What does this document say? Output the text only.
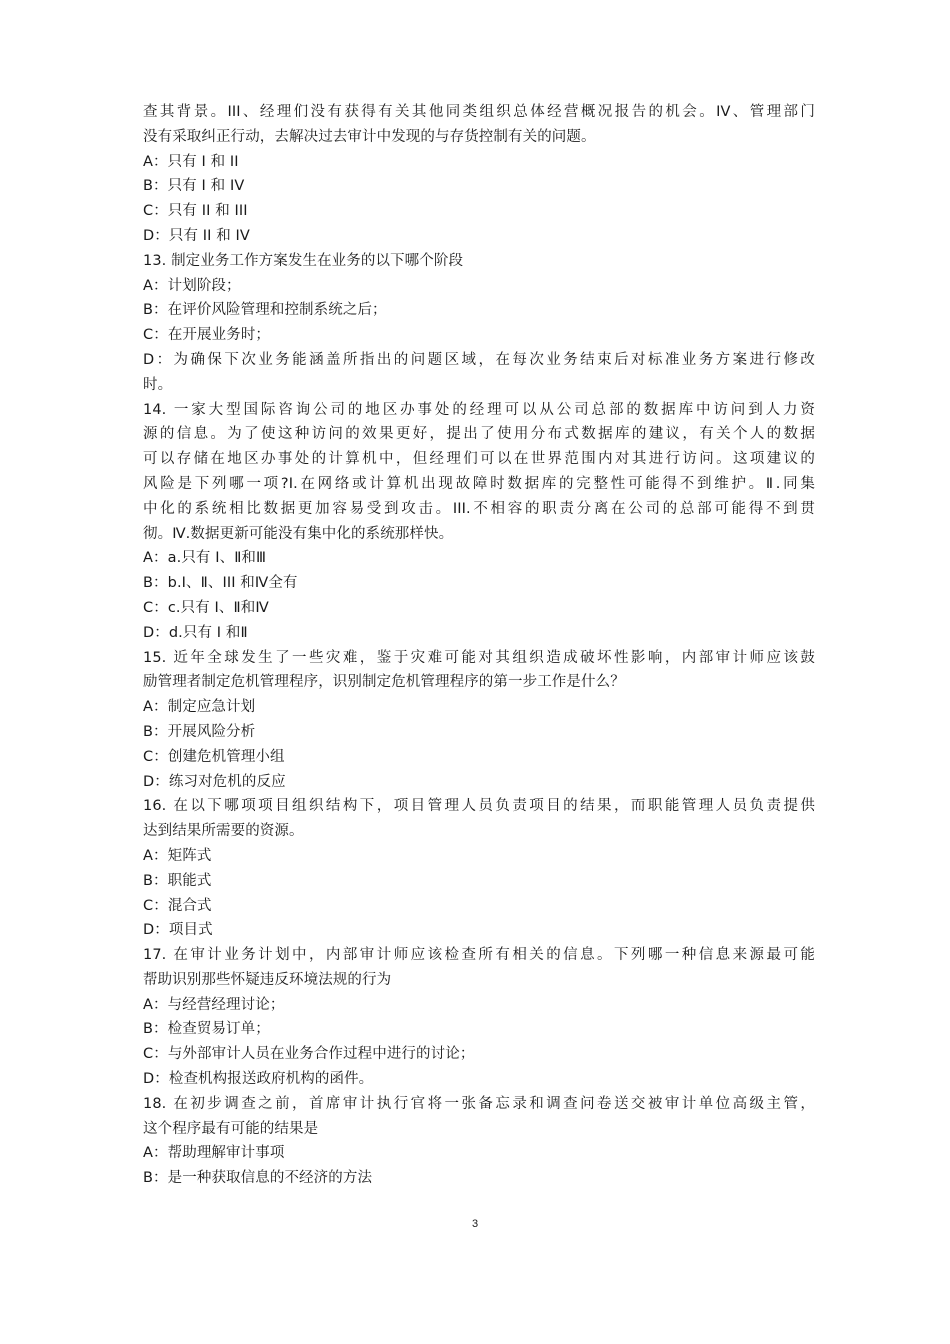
查其背景。III、经理们没有获得有关其他同类组织总体经营概况报告的机会。IV、管理部门
没有采取纠正行动，去解决过去审计中发现的与存货控制有关的问题。
A：只有 I 和 II
B：只有 I 和 IV
C：只有 II 和 III
D：只有 II 和 IV
13. 制定业务工作方案发生在业务的以下哪个阶段
A：计划阶段；
B：在评价风险管理和控制系统之后；
C：在开展业务时；
D：为确保下次业务能涵盖所指出的问题区域，在每次业务结束后对标准业务方案进行修改
时。
14. 一家大型国际咨询公司的地区办事处的经理可以从公司总部的数据库中访问到人力资
源的信息。为了使这种访问的效果更好，提出了使用分布式数据库的建议，有关个人的数据
可以存储在地区办事处的计算机中，但经理们可以在世界范围内对其进行访问。这项建议的
风险是下列哪一项?I.在网络或计算机出现故障时数据库的完整性可能得不到维护。Ⅱ.同集
中化的系统相比数据更加容易受到攻击。III.不相容的职责分离在公司的总部可能得不到贯
彻。Ⅳ.数据更新可能没有集中化的系统那样快。
A：a.只有 I、Ⅱ和Ⅲ
B：b.I、Ⅱ、III 和Ⅳ全有
C：c.只有 I、Ⅱ和Ⅳ
D：d.只有 I 和Ⅱ
15. 近年全球发生了一些灾难，鉴于灾难可能对其组织造成破坏性影响，内部审计师应该鼓
励管理者制定危机管理程序，识别制定危机管理程序的第一步工作是什么？
A：制定应急计划
B：开展风险分析
C：创建危机管理小组
D：练习对危机的反应
16. 在以下哪项项目组织结构下，项目管理人员负责项目的结果，而职能管理人员负责提供
达到结果所需要的资源。
A：矩阵式
B：职能式
C：混合式
D：项目式
17. 在审计业务计划中，内部审计师应该检查所有相关的信息。下列哪一种信息来源最可能
帮助识别那些怀疑违反环境法规的行为
A：与经营经理讨论；
B：检查贸易订单；
C：与外部审计人员在业务合作过程中进行的讨论；
D：检查机构报送政府机构的函件。
18. 在初步调查之前，首席审计执行官将一张备忘录和调查问卷送交被审计单位高级主管，
这个程序最有可能的结果是
A：帮助理解审计事项
B：是一种获取信息的不经济的方法
3
